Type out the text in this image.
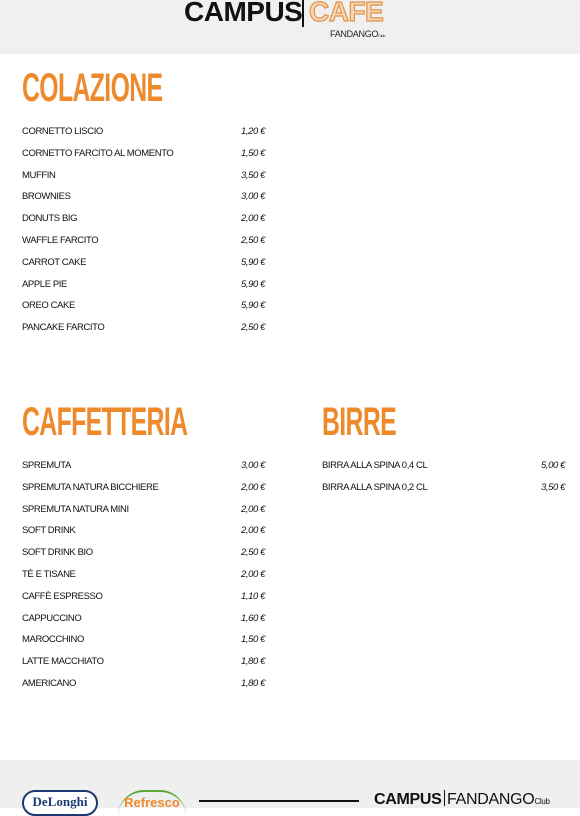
CAMPUS CAFE
FANDANGOClub
COLAZIONE
CORNETTO LISCIO	1,20 €
CORNETTO FARCITO AL MOMENTO	1,50 €
MUFFIN	3,50 €
BROWNIES	3,00 €
DONUTS BIG	2,00 €
WAFFLE FARCITO	2,50 €
CARROT CAKE	5,90 €
APPLE PIE	5,90 €
OREO CAKE	5,90 €
PANCAKE FARCITO	2,50 €
CAFFETTERIA
SPREMUTA	3,00 €
SPREMUTA NATURA BICCHIERE	2,00 €
SPREMUTA NATURA MINI	2,00 €
SOFT DRINK	2,00 €
SOFT DRINK BIO	2,50 €
TÈ E TISANE	2,00 €
CAFFÈ ESPRESSO	1,10 €
CAPPUCCINO	1,60 €
MAROCCHINO	1,50 €
LATTE MACCHIATO	1,80 €
AMERICANO	1,80 €
BIRRE
BIRRA ALLA SPINA 0,4 CL	5,00 €
BIRRA ALLA SPINA 0,2 CL	3,50 €
DeLonghi	Refresco	CAMPUS FANDANGOClub
